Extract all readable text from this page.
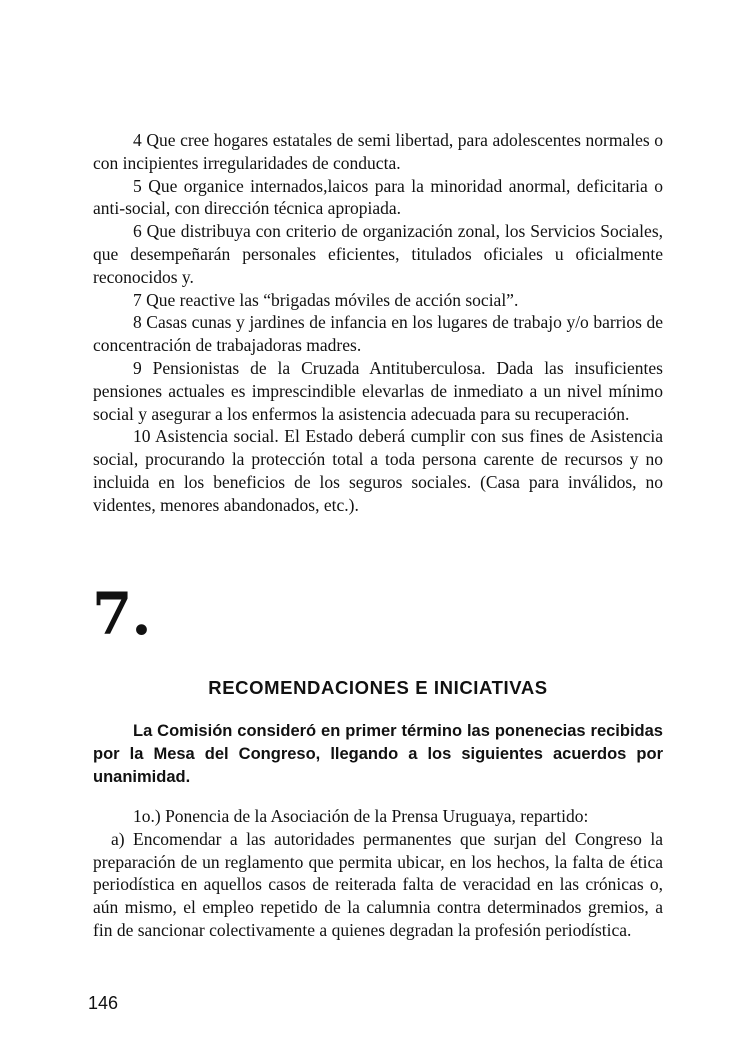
4 Que cree hogares estatales de semi libertad, para adolescentes normales o con incipientes irregularidades de conducta.

5 Que organice internados,laicos para la minoridad anormal, deficitaria o anti-social, con dirección técnica apropiada.

6 Que distribuya con criterio de organización zonal, los Servicios Sociales, que desempeñarán personales eficientes, titulados oficiales u oficialmente reconocidos y.

7 Que reactive las “brigadas móviles de acción social”.

8 Casas cunas y jardines de infancia en los lugares de trabajo y/o barrios de concentración de trabajadoras madres.

9 Pensionistas de la Cruzada Antituberculosa. Dada las insuficientes pensiones actuales es imprescindible elevarlas de inmediato a un nivel mínimo social y asegurar a los enfermos la asistencia adecuada para su recuperación.

10 Asistencia social. El Estado deberá cumplir con sus fines de Asistencia social, procurando la protección total a toda persona carente de recursos y no incluida en los beneficios de los seguros sociales. (Casa para inválidos, no videntes, menores abandonados, etc.).

7.
RECOMENDACIONES E INICIATIVAS

La Comisión consideró en primer término las ponenecias recibidas por la Mesa del Congreso, llegando a los siguientes acuerdos por unanimidad.

1o.) Ponencia de la Asociación de la Prensa Uruguaya, repartido:

a) Encomendar a las autoridades permanentes que surjan del Congreso la preparación de un reglamento que permita ubicar, en los hechos, la falta de ética periodística en aquellos casos de reiterada falta de veracidad en las crónicas o, aún mismo, el empleo repetido de la calumnia contra determinados gremios, a fin de sancionar colectivamente a quienes degradan la profesión periodística.

146
